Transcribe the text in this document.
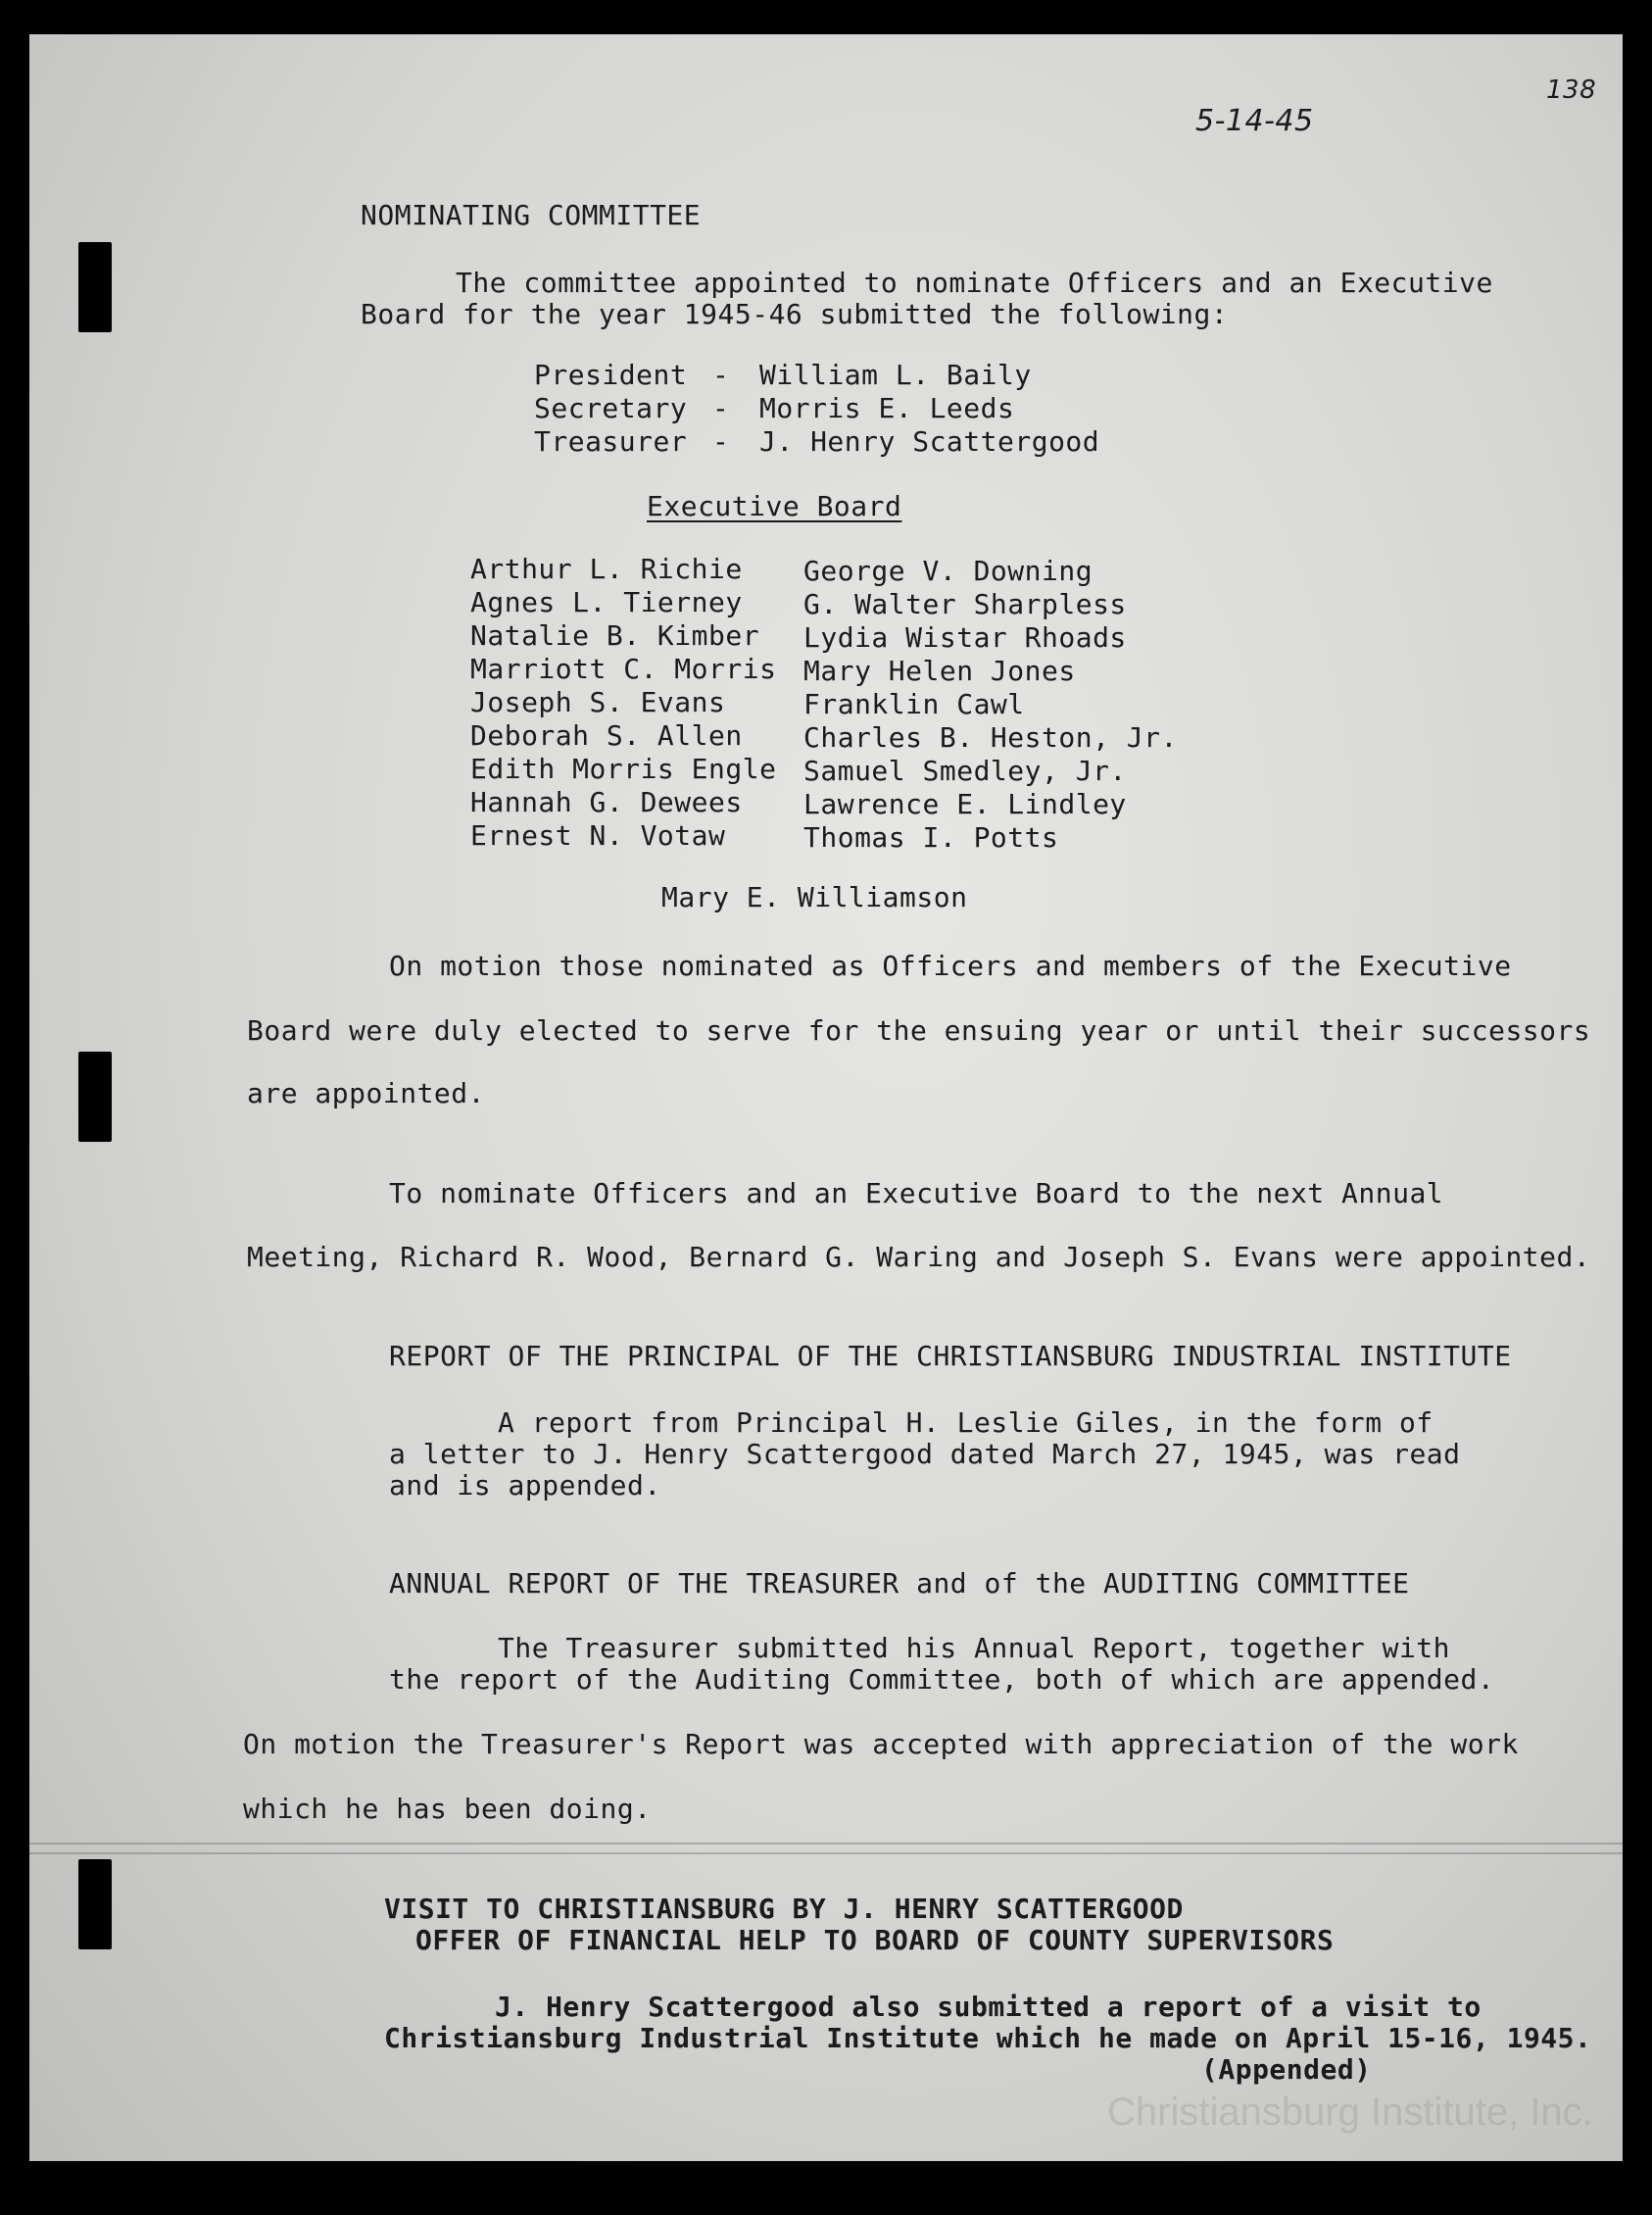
5-14-45
138
NOMINATING COMMITTEE
The committee appointed to nominate Officers and an Executive
Board for the year 1945-46 submitted the following:
President
Secretary
Treasurer
-
-
-
William L. Baily
Morris E. Leeds
J. Henry Scattergood
Executive Board
Arthur L. Richie
Agnes L. Tierney
Natalie B. Kimber
Marriott C. Morris
Joseph S. Evans
Deborah S. Allen
Edith Morris Engle
Hannah G. Dewees
Ernest N. Votaw
George V. Downing
G. Walter Sharpless
Lydia Wistar Rhoads
Mary Helen Jones
Franklin Cawl
Charles B. Heston, Jr.
Samuel Smedley, Jr.
Lawrence E. Lindley
Thomas I. Potts
Mary E. Williamson
On motion those nominated as Officers and members of the Executive
Board were duly elected to serve for the ensuing year or until their successors
are appointed.
To nominate Officers and an Executive Board to the next Annual
Meeting, Richard R. Wood, Bernard G. Waring and Joseph S. Evans were appointed.
REPORT OF THE PRINCIPAL OF THE CHRISTIANSBURG INDUSTRIAL INSTITUTE
A report from Principal H. Leslie Giles, in the form of
a letter to J. Henry Scattergood dated March 27, 1945, was read
and is appended.
ANNUAL REPORT OF THE TREASURER and of the AUDITING COMMITTEE
The Treasurer submitted his Annual Report, together with
the report of the Auditing Committee, both of which are appended.
On motion the Treasurer's Report was accepted with appreciation of the work
which he has been doing.
VISIT TO CHRISTIANSBURG BY J. HENRY SCATTERGOOD
OFFER OF FINANCIAL HELP TO BOARD OF COUNTY SUPERVISORS
J. Henry Scattergood also submitted a report of a visit to
Christiansburg Industrial Institute which he made on April 15-16, 1945.
(Appended)
Christiansburg Institute, Inc.
